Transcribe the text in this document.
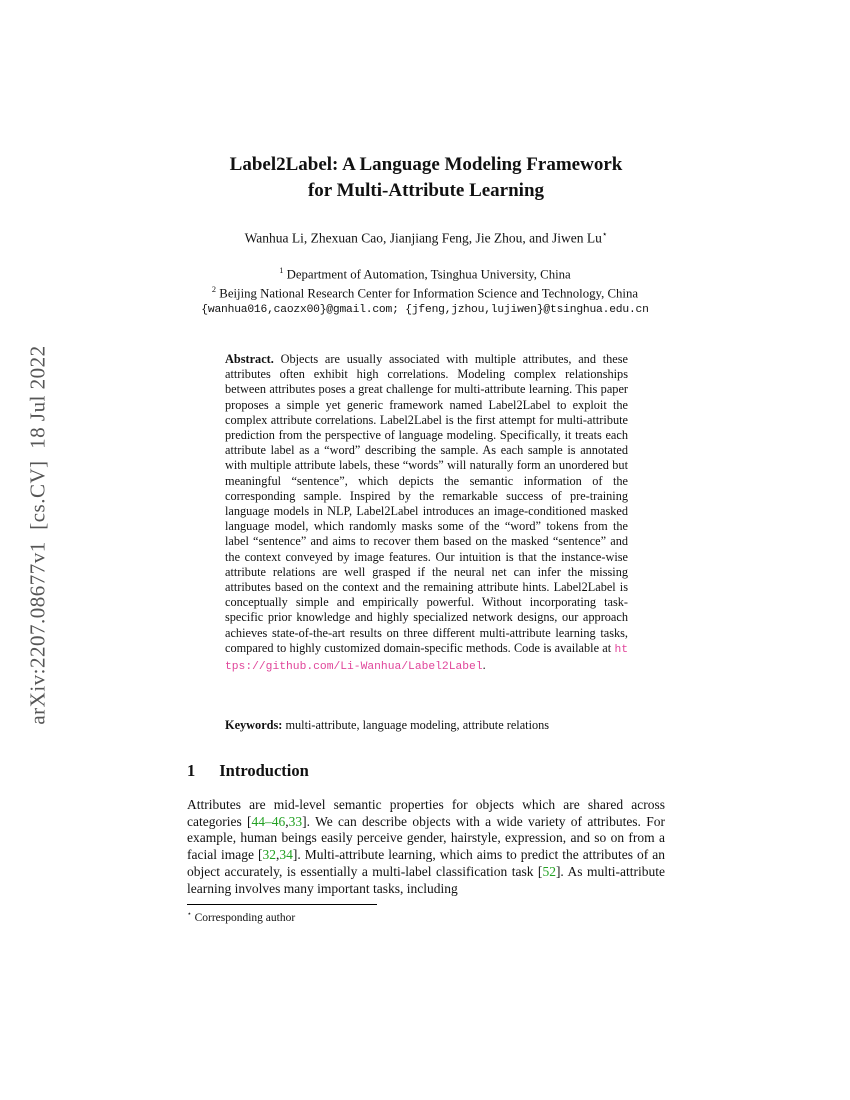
arXiv:2207.08677v1  [cs.CV]  18 Jul 2022
Label2Label: A Language Modeling Framework
for Multi-Attribute Learning
Wanhua Li, Zhexuan Cao, Jianjiang Feng, Jie Zhou, and Jiwen Lu⋆
$^1$ Department of Automation, Tsinghua University, China
$^2$ Beijing National Research Center for Information Science and Technology, China
{wanhua016,caozx00}@gmail.com; {jfeng,jzhou,lujiwen}@tsinghua.edu.cn
Abstract. Objects are usually associated with multiple attributes, and these attributes often exhibit high correlations. Modeling complex relationships between attributes poses a great challenge for multi-attribute learning. This paper proposes a simple yet generic framework named Label2Label to exploit the complex attribute correlations. Label2Label is the first attempt for multi-attribute prediction from the perspective of language modeling. Specifically, it treats each attribute label as a “word” describing the sample. As each sample is annotated with multiple attribute labels, these “words” will naturally form an unordered but meaningful “sentence”, which depicts the semantic information of the corresponding sample. Inspired by the remarkable success of pre-training language models in NLP, Label2Label introduces an image-conditioned masked language model, which randomly masks some of the “word” tokens from the label “sentence” and aims to recover them based on the masked “sentence” and the context conveyed by image features. Our intuition is that the instance-wise attribute relations are well grasped if the neural net can infer the missing attributes based on the context and the remaining attribute hints. Label2Label is conceptually simple and empirically powerful. Without incorporating task-specific prior knowledge and highly specialized network designs, our approach achieves state-of-the-art results on three different multi-attribute learning tasks, compared to highly customized domain-specific methods. Code is available at https://github.com/Li-Wanhua/Label2Label.
Keywords: multi-attribute, language modeling, attribute relations
1 Introduction
Attributes are mid-level semantic properties for objects which are shared across categories [44–46,33]. We can describe objects with a wide variety of attributes. For example, human beings easily perceive gender, hairstyle, expression, and so on from a facial image [32,34]. Multi-attribute learning, which aims to predict the attributes of an object accurately, is essentially a multi-label classification task [52]. As multi-attribute learning involves many important tasks, including
⋆ Corresponding author
